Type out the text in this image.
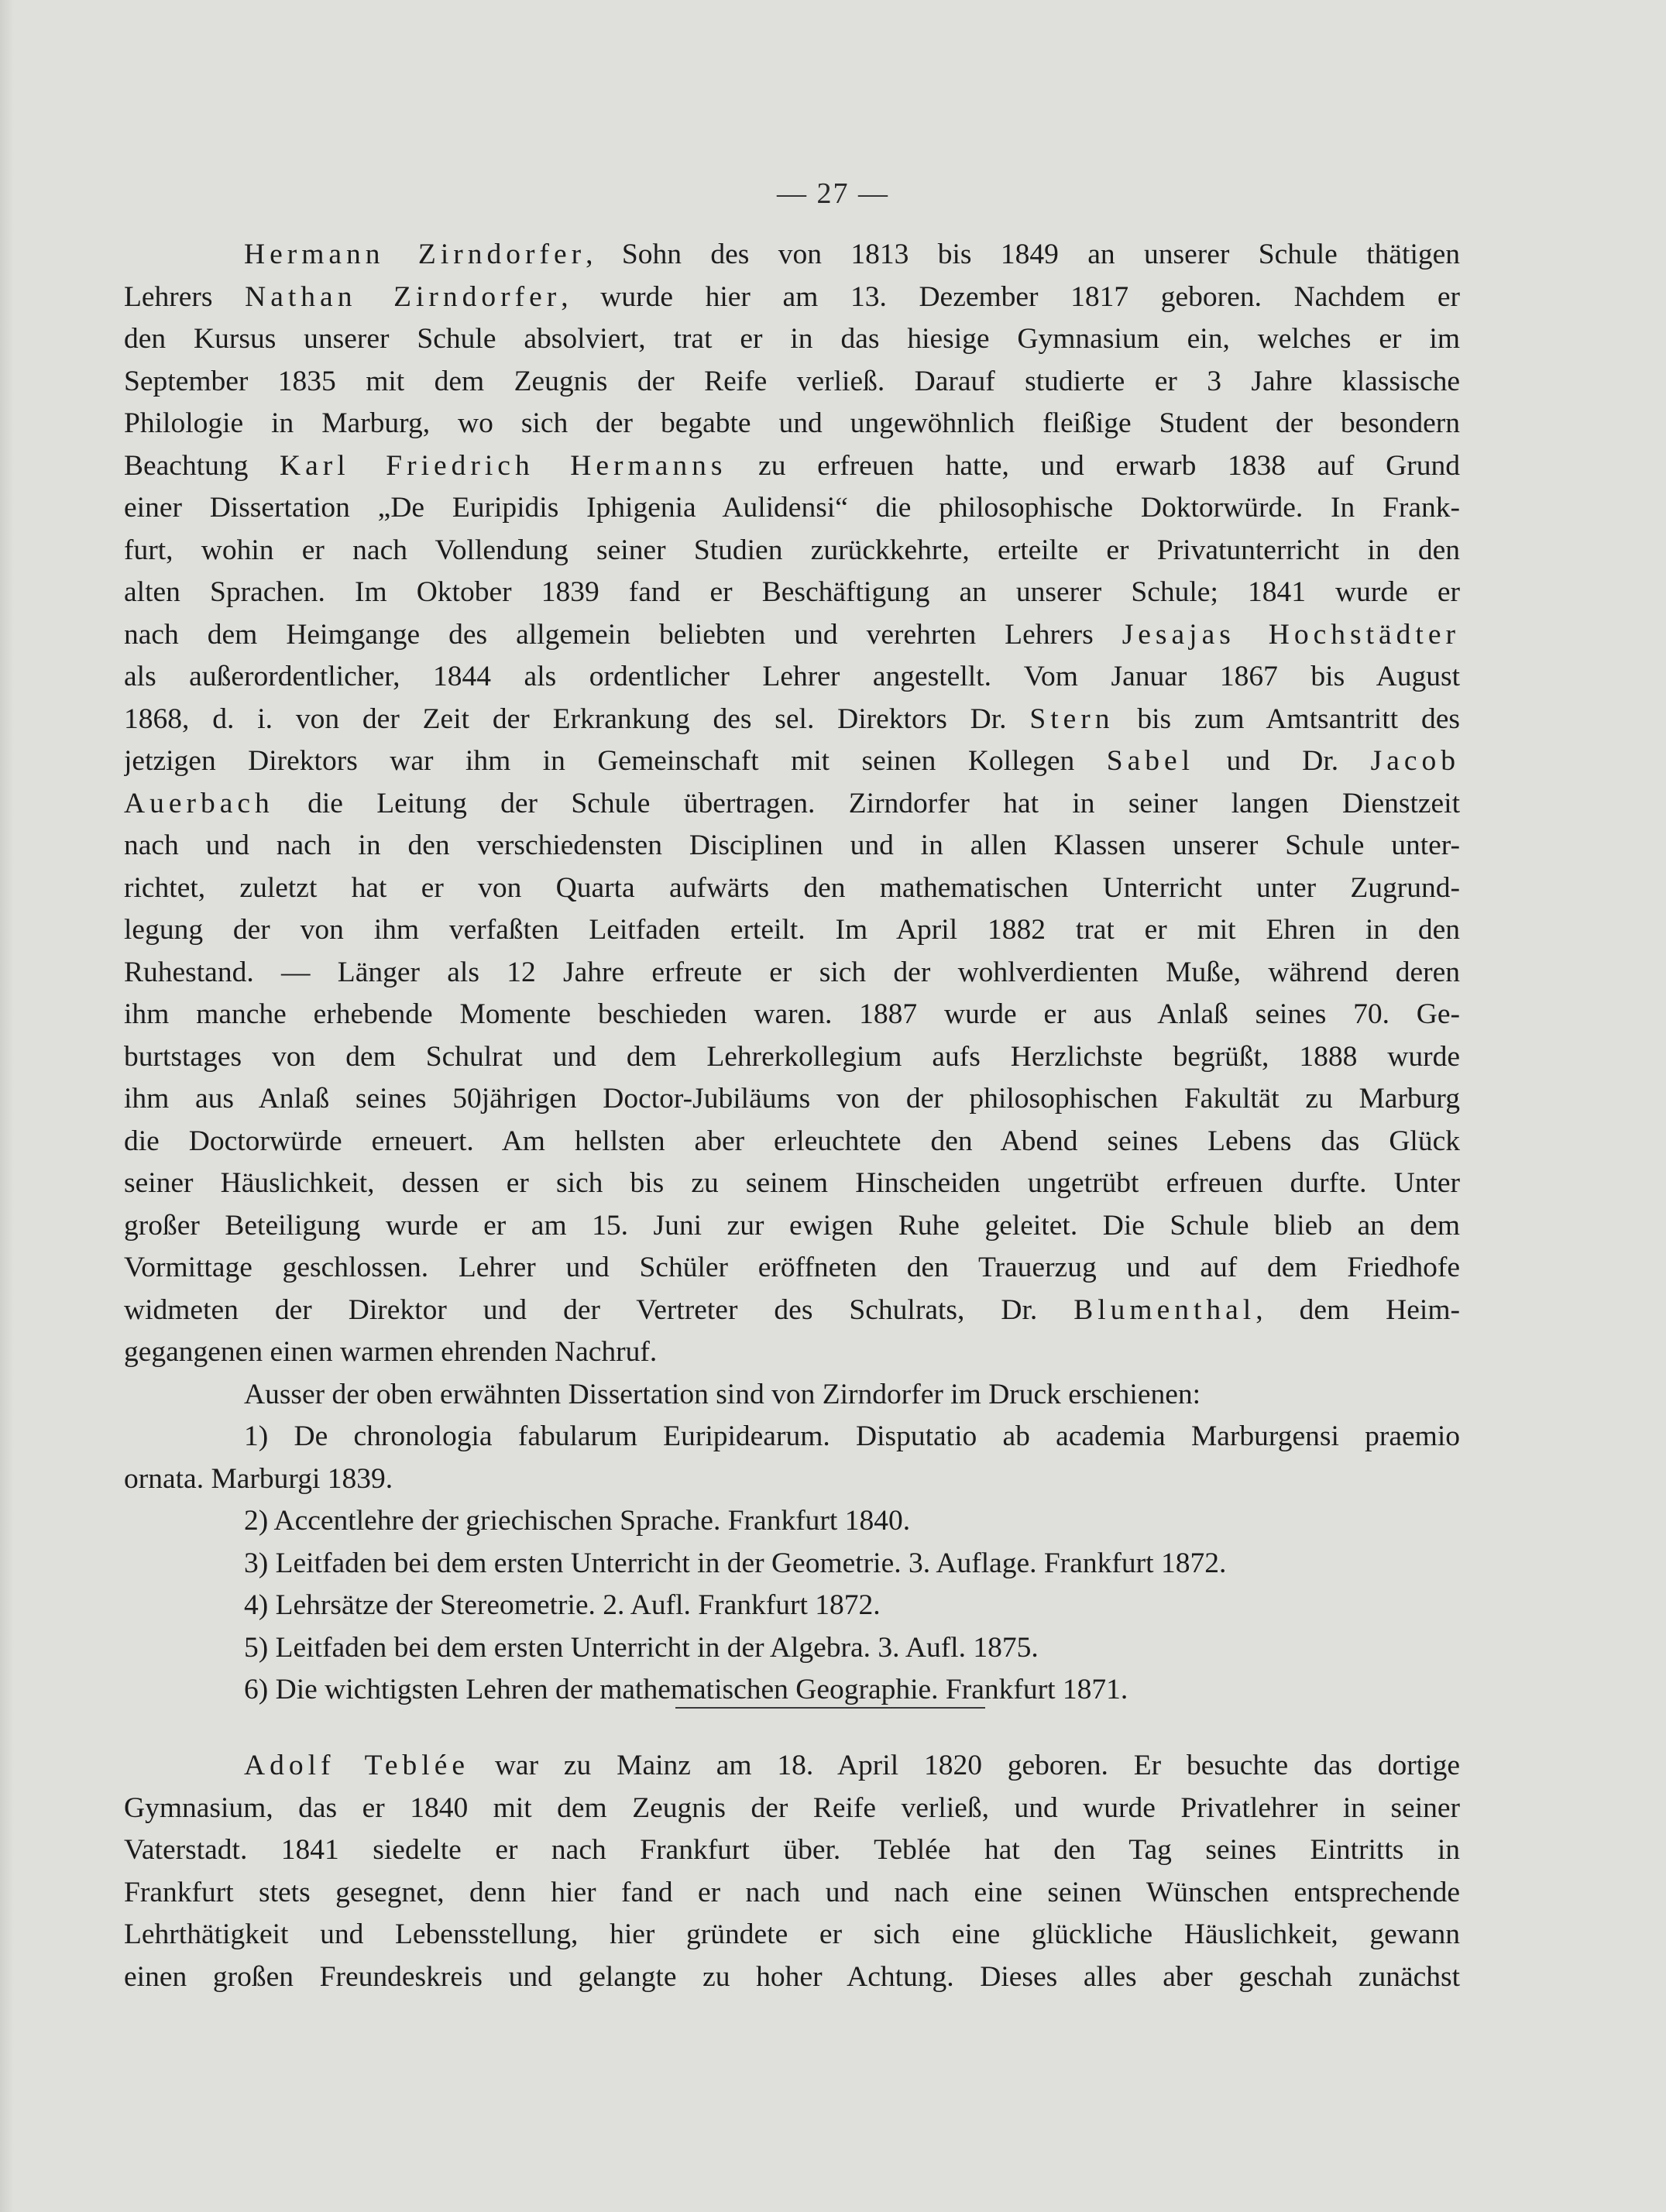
— 27 —
Hermann Zirndorfer, Sohn des von 1813 bis 1849 an unserer Schule thätigen
Lehrers Nathan Zirndorfer, wurde hier am 13. Dezember 1817 geboren. Nachdem er
den Kursus unserer Schule absolviert, trat er in das hiesige Gymnasium ein, welches er im
September 1835 mit dem Zeugnis der Reife verließ. Darauf studierte er 3 Jahre klassische
Philologie in Marburg, wo sich der begabte und ungewöhnlich fleißige Student der besondern
Beachtung Karl Friedrich Hermanns zu erfreuen hatte, und erwarb 1838 auf Grund
einer Dissertation „De Euripidis Iphigenia Aulidensi“ die philosophische Doktorwürde. In Frank-
furt, wohin er nach Vollendung seiner Studien zurückkehrte, erteilte er Privatunterricht in den
alten Sprachen. Im Oktober 1839 fand er Beschäftigung an unserer Schule; 1841 wurde er
nach dem Heimgange des allgemein beliebten und verehrten Lehrers Jesajas Hochstädter
als außerordentlicher, 1844 als ordentlicher Lehrer angestellt. Vom Januar 1867 bis August
1868, d. i. von der Zeit der Erkrankung des sel. Direktors Dr. Stern bis zum Amtsantritt des
jetzigen Direktors war ihm in Gemeinschaft mit seinen Kollegen Sabel und Dr. Jacob
Auerbach die Leitung der Schule übertragen. Zirndorfer hat in seiner langen Dienstzeit
nach und nach in den verschiedensten Disciplinen und in allen Klassen unserer Schule unter-
richtet, zuletzt hat er von Quarta aufwärts den mathematischen Unterricht unter Zugrund-
legung der von ihm verfaßten Leitfaden erteilt. Im April 1882 trat er mit Ehren in den
Ruhestand. — Länger als 12 Jahre erfreute er sich der wohlverdienten Muße, während deren
ihm manche erhebende Momente beschieden waren. 1887 wurde er aus Anlaß seines 70. Ge-
burtstages von dem Schulrat und dem Lehrerkollegium aufs Herzlichste begrüßt, 1888 wurde
ihm aus Anlaß seines 50jährigen Doctor-Jubiläums von der philosophischen Fakultät zu Marburg
die Doctorwürde erneuert. Am hellsten aber erleuchtete den Abend seines Lebens das Glück
seiner Häuslichkeit, dessen er sich bis zu seinem Hinscheiden ungetrübt erfreuen durfte. Unter
großer Beteiligung wurde er am 15. Juni zur ewigen Ruhe geleitet. Die Schule blieb an dem
Vormittage geschlossen. Lehrer und Schüler eröffneten den Trauerzug und auf dem Friedhofe
widmeten der Direktor und der Vertreter des Schulrats, Dr. Blumenthal, dem Heim-
gegangenen einen warmen ehrenden Nachruf.
Ausser der oben erwähnten Dissertation sind von Zirndorfer im Druck erschienen:
1) De chronologia fabularum Euripidearum. Disputatio ab academia Marburgensi praemio
ornata. Marburgi 1839.
2) Accentlehre der griechischen Sprache. Frankfurt 1840.
3) Leitfaden bei dem ersten Unterricht in der Geometrie. 3. Auflage. Frankfurt 1872.
4) Lehrsätze der Stereometrie. 2. Aufl. Frankfurt 1872.
5) Leitfaden bei dem ersten Unterricht in der Algebra. 3. Aufl. 1875.
6) Die wichtigsten Lehren der mathematischen Geographie. Frankfurt 1871.
Adolf Teblée war zu Mainz am 18. April 1820 geboren. Er besuchte das dortige
Gymnasium, das er 1840 mit dem Zeugnis der Reife verließ, und wurde Privatlehrer in seiner
Vaterstadt. 1841 siedelte er nach Frankfurt über. Teblée hat den Tag seines Eintritts in
Frankfurt stets gesegnet, denn hier fand er nach und nach eine seinen Wünschen entsprechende
Lehrthätigkeit und Lebensstellung, hier gründete er sich eine glückliche Häuslichkeit, gewann
einen großen Freundeskreis und gelangte zu hoher Achtung. Dieses alles aber geschah zunächst
